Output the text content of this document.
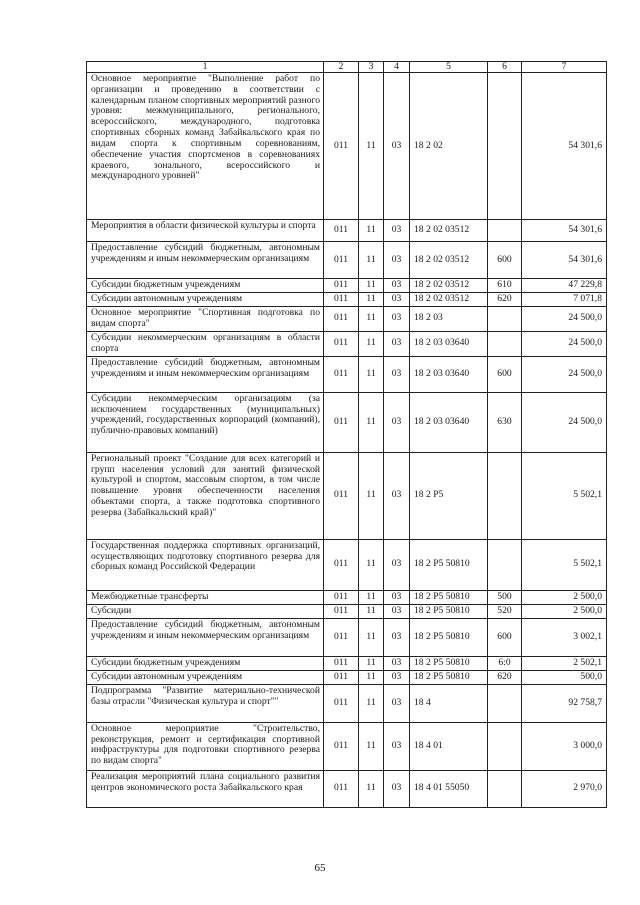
1	2	3	4	5	6	7
Основное мероприятие "Выполнение работ по организации и проведению в соответствии с календарным планом спортивных мероприятий разного уровня: межмуниципального, регионального, всероссийского, международного, подготовка спортивных сборных команд Забайкальского края по видам спорта к спортивным соревнованиям, обеспечение участия спортсменов в соревнованиях краевого, зонального, всероссийского и международного уровней"	011	11	03	18 2 02		54 301,6
Мероприятия в области физической культуры и спорта	011	11	03	18 2 02 03512		54 301,6
Предоставление субсидий бюджетным, автономным учреждениям и иным некоммерческим организациям	011	11	03	18 2 02 03512	600	54 301,6
Субсидии бюджетным учреждениям	011	11	03	18 2 02 03512	610	47 229,8
Субсидии автономным учреждениям	011	11	03	18 2 02 03512	620	7 071,8
Основное мероприятие "Спортивная подготовка по видам спорта"	011	11	03	18 2 03		24 500,0
Субсидии некоммерческим организациям в области спорта	011	11	03	18 2 03 03640		24 500,0
Предоставление субсидий бюджетным, автономным учреждениям и иным некоммерческим организациям	011	11	03	18 2 03 03640	600	24 500,0
Субсидии некоммерческим организациям (за исключением государственных (муниципальных) учреждений, государственных корпораций (компаний), публично-правовых компаний)	011	11	03	18 2 03 03640	630	24 500,0
Региональный проект "Создание для всех категорий и групп населения условий для занятий физической культурой и спортом, массовым спортом, в том числе повышение уровня обеспеченности населения объектами спорта, а также подготовка спортивного резерва (Забайкальский край)"	011	11	03	18 2 P5		5 502,1
Государственная поддержка спортивных организаций, осуществляющих подготовку спортивного резерва для сборных команд Российской Федерации	011	11	03	18 2 P5 50810		5 502,1
Межбюджетные трансферты	011	11	03	18 2 P5 50810	500	2 500,0
Субсидии	011	11	03	18 2 P5 50810	520	2 500,0
Предоставление субсидий бюджетным, автономным учреждениям и иным некоммерческим организациям	011	11	03	18 2 P5 50810	600	3 002,1
Субсидии бюджетным учреждениям	011	11	03	18 2 P5 50810	6:0	2 502,1
Субсидии автономным учреждениям	011	11	03	18 2 P5 50810	620	500,0
Подпрограмма "Развитие материально-технической базы отрасли "Физическая культура и спорт""	011	11	03	18 4		92 758,7
Основное мероприятие "Строительство, реконструкция, ремонт и сертификация спортивной инфраструктуры для подготовки спортивного резерва по видам спорта"	011	11	03	18 4 01		3 000,0
Реализация мероприятий плана социального развития центров экономического роста Забайкальского края	011	11	03	18 4 01 55050		2 970,0
65
